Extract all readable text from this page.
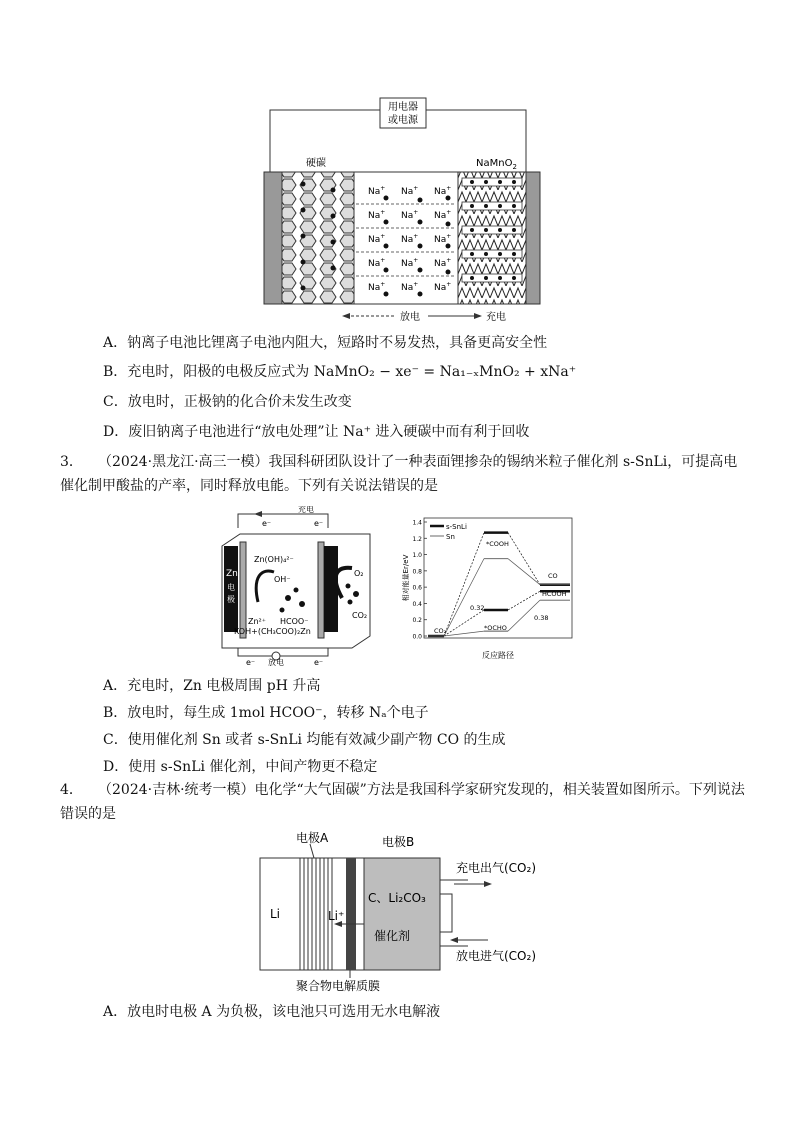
用电器
或电源
硬碳	NaMnO$_2$
Na+ Na+ Na+
Na+ Na+ Na+
Na+ Na+ Na+
Na+ Na+ Na+
Na+ Na+ Na+
放电	充电
A．钠离子电池比锂离子电池内阻大，短路时不易发热，具备更高安全性
B．充电时，阳极的电极反应式为 NaMnO₂ − xe⁻ = Na₁₋ₓMnO₂ + xNa⁺
C．放电时，正极钠的化合价未发生改变
D．废旧钠离子电池进行“放电处理”让 Na⁺ 进入硬碳中而有利于回收
3． （2024·黑龙江·高三一模）我国科研团队设计了一种表面锂掺杂的锡纳米粒子催化剂 s-SnLi，可提高电催化制甲酸盐的产率，同时释放电能。下列有关说法错误的是
充电
e⁻	e⁻
Zn
电
极
Zn(OH)₄²⁻
OH⁻
O₂
CO₂
Zn²⁺ HCOO⁻
KOH+(CH₃COO)₂Zn
放电
e⁻	e⁻
0.0
0.2
0.4
0.6
0.8
1.0
1.2
1.4
*COOH
CO
HCOOH
*OCHO
CO₂
0.32
0.38
反应路径
相对能量Er/eV
s-SnLi
Sn
A．充电时，Zn 电极周围 pH 升高
B．放电时，每生成 1mol HCOO⁻，转移 Nₐ个电子
C．使用催化剂 Sn 或者 s-SnLi 均能有效减少副产物 CO 的生成
D．使用 s-SnLi 催化剂，中间产物更不稳定
4． （2024·吉林·统考一模）电化学“大气固碳”方法是我国科学家研究发现的，相关装置如图所示。下列说法错误的是
电极A	电极B
Li	Li⁺
C、Li₂CO₃
催化剂
充电出气(CO₂)
放电进气(CO₂)
聚合物电解质膜
A．放电时电极 A 为负极，该电池只可选用无水电解液
